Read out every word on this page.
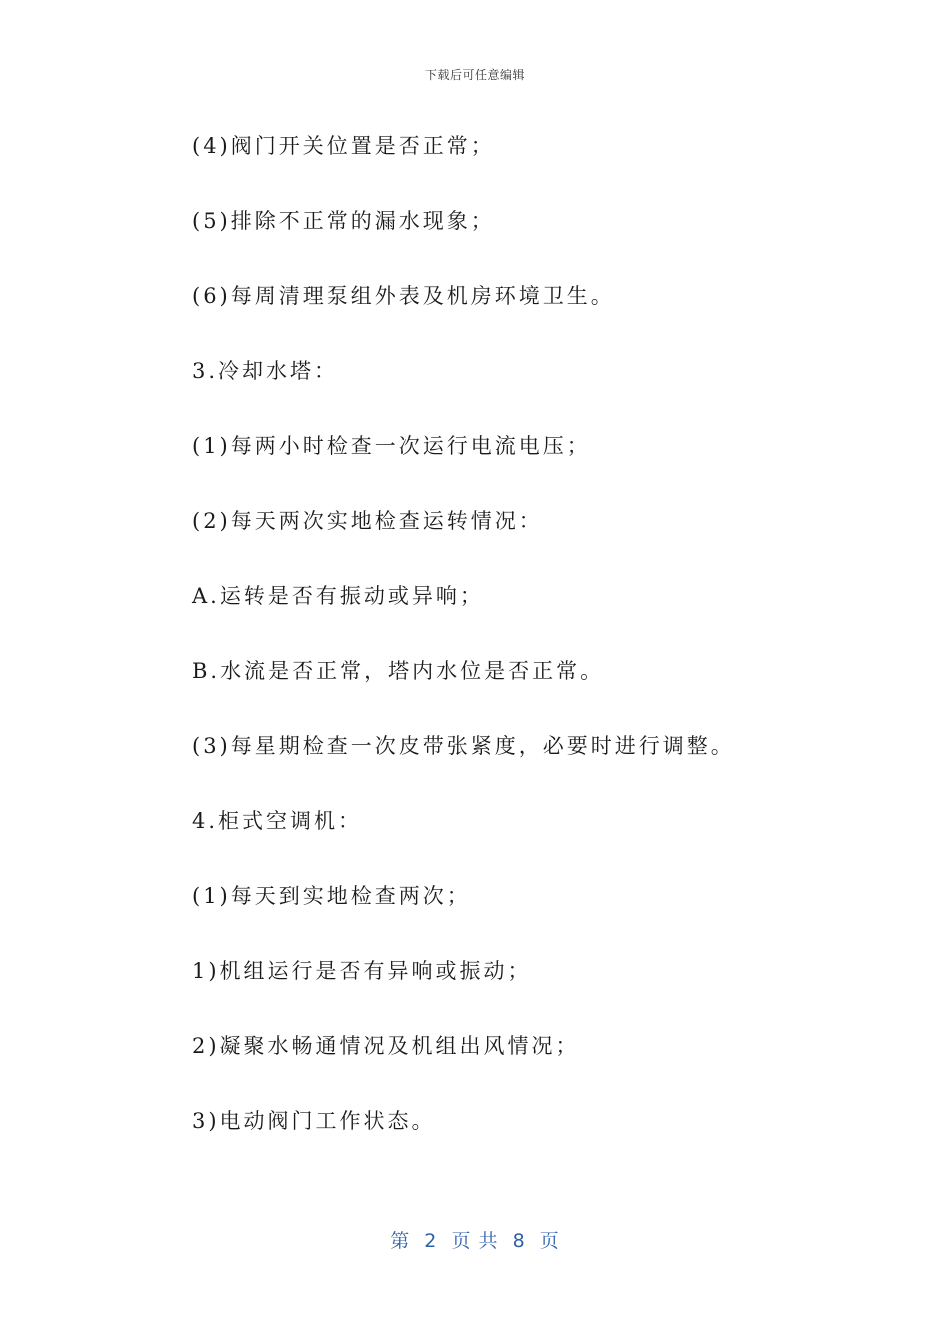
下载后可任意编辑
(4)阀门开关位置是否正常；
(5)排除不正常的漏水现象；
(6)每周清理泵组外表及机房环境卫生。
3.冷却水塔：
(1)每两小时检查一次运行电流电压；
(2)每天两次实地检查运转情况：
A.运转是否有振动或异响；
B.水流是否正常，塔内水位是否正常。
(3)每星期检查一次皮带张紧度，必要时进行调整。
4.柜式空调机：
(1)每天到实地检查两次；
1)机组运行是否有异响或振动；
2)凝聚水畅通情况及机组出风情况；
3)电动阀门工作状态。
第  2  页 共  8  页
